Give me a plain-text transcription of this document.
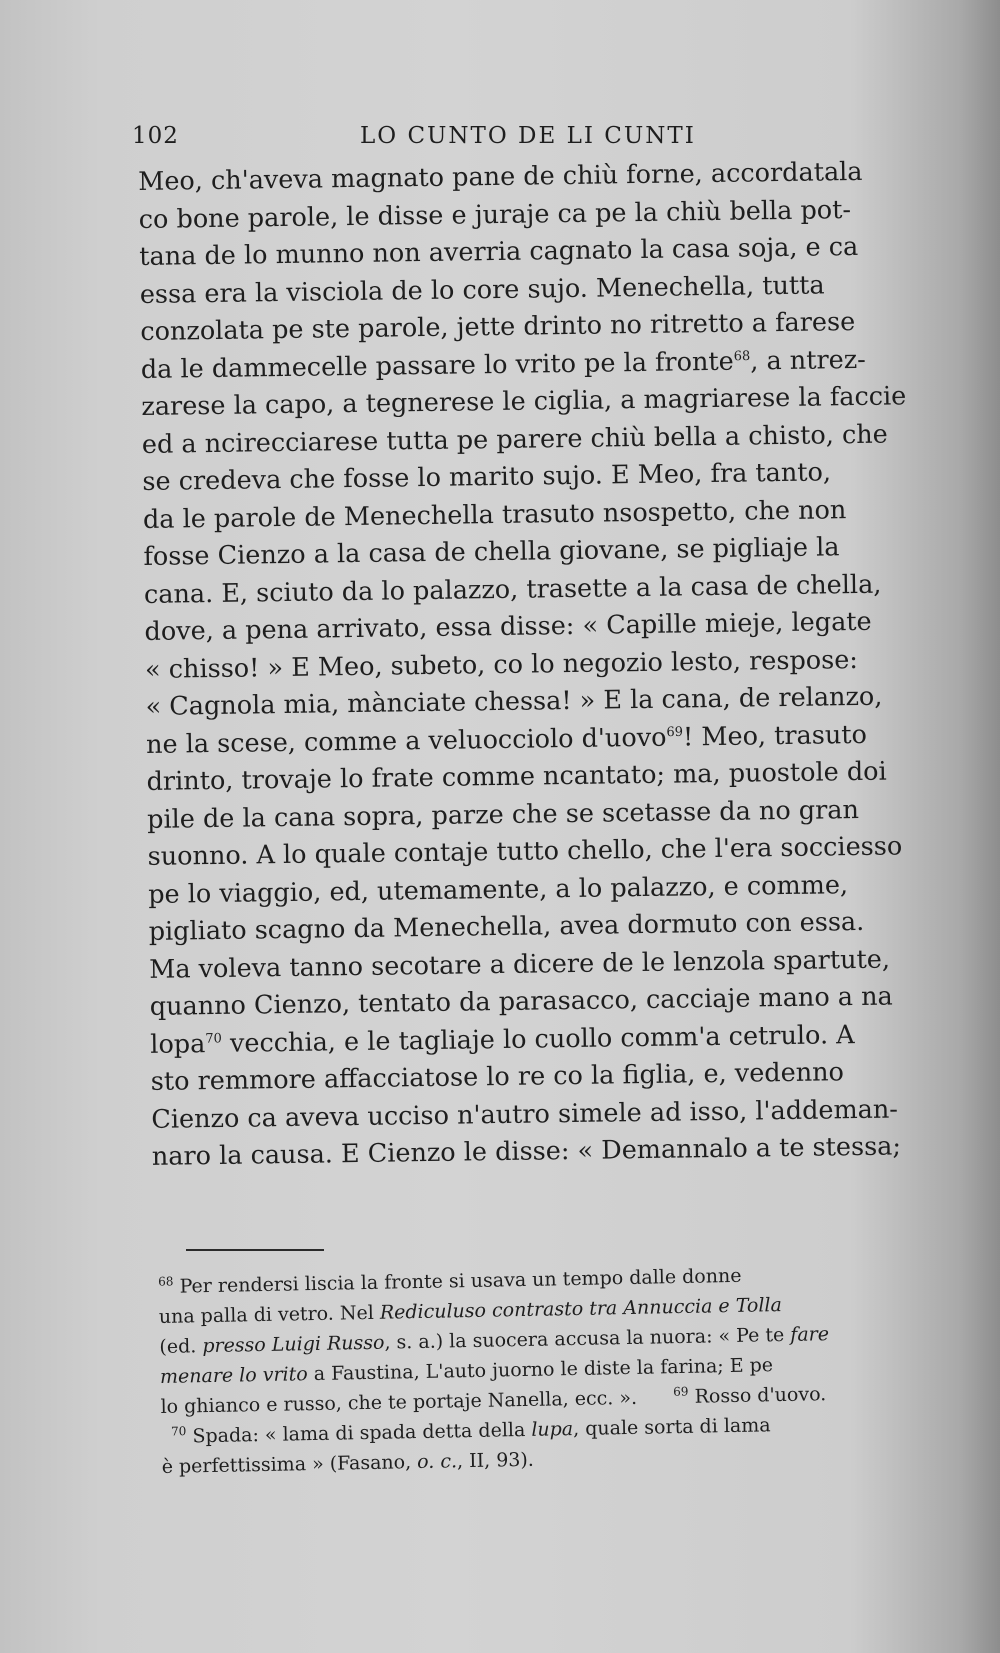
102	LO CUNTO DE LI CUNTI
Meo, ch'aveva magnato pane de chiù forne, accordatala
co bone parole, le disse e juraje ca pe la chiù bella pot-
tana de lo munno non averria cagnato la casa soja, e ca
essa era la visciola de lo core sujo. Menechella, tutta
conzolata pe ste parole, jette drinto no ritretto a farese
da le dammecelle passare lo vrito pe la fronte$^{68}$, a ntrez-
zarese la capo, a tegnerese le ciglia, a magriarese la faccie
ed a ncirecciarese tutta pe parere chiù bella a chisto, che
se credeva che fosse lo marito sujo. E Meo, fra tanto,
da le parole de Menechella trasuto nsospetto, che non
fosse Cienzo a la casa de chella giovane, se pigliaje la
cana. E, sciuto da lo palazzo, trasette a la casa de chella,
dove, a pena arrivato, essa disse: « Capille mieje, legate
« chisso! » E Meo, subeto, co lo negozio lesto, respose:
« Cagnola mia, mànciate chessa! » E la cana, de relanzo,
ne la scese, comme a veluocciolo d'uovo$^{69}$! Meo, trasuto
drinto, trovaje lo frate comme ncantato; ma, puostole doi
pile de la cana sopra, parze che se scetasse da no gran
suonno. A lo quale contaje tutto chello, che l'era socciesso
pe lo viaggio, ed, utemamente, a lo palazzo, e comme,
pigliato scagno da Menechella, avea dormuto con essa.
Ma voleva tanno secotare a dicere de le lenzola spartute,
quanno Cienzo, tentato da parasacco, cacciaje mano a na
lopa$^{70}$ vecchia, e le tagliaje lo cuollo comm'a cetrulo. A
sto remmore affacciatose lo re co la figlia, e, vedenno
Cienzo ca aveva ucciso n'autro simele ad isso, l'addeman-
naro la causa. E Cienzo le disse: « Demannalo a te stessa;
$^{68}$ Per rendersi liscia la fronte si usava un tempo dalle donne
una palla di vetro. Nel Rediculuso contrasto tra Annuccia e Tolla
(ed. presso Luigi Russo, s. a.) la suocera accusa la nuora: « Pe te fare
menare lo vrito a Faustina, L'auto juorno le diste la farina; E pe
lo ghianco e russo, che te portaje Nanella, ecc. ».	$^{69}$ Rosso d'uovo.
$^{70}$ Spada: « lama di spada detta della lupa, quale sorta di lama
è perfettissima » (Fasano, o. c., II, 93).
